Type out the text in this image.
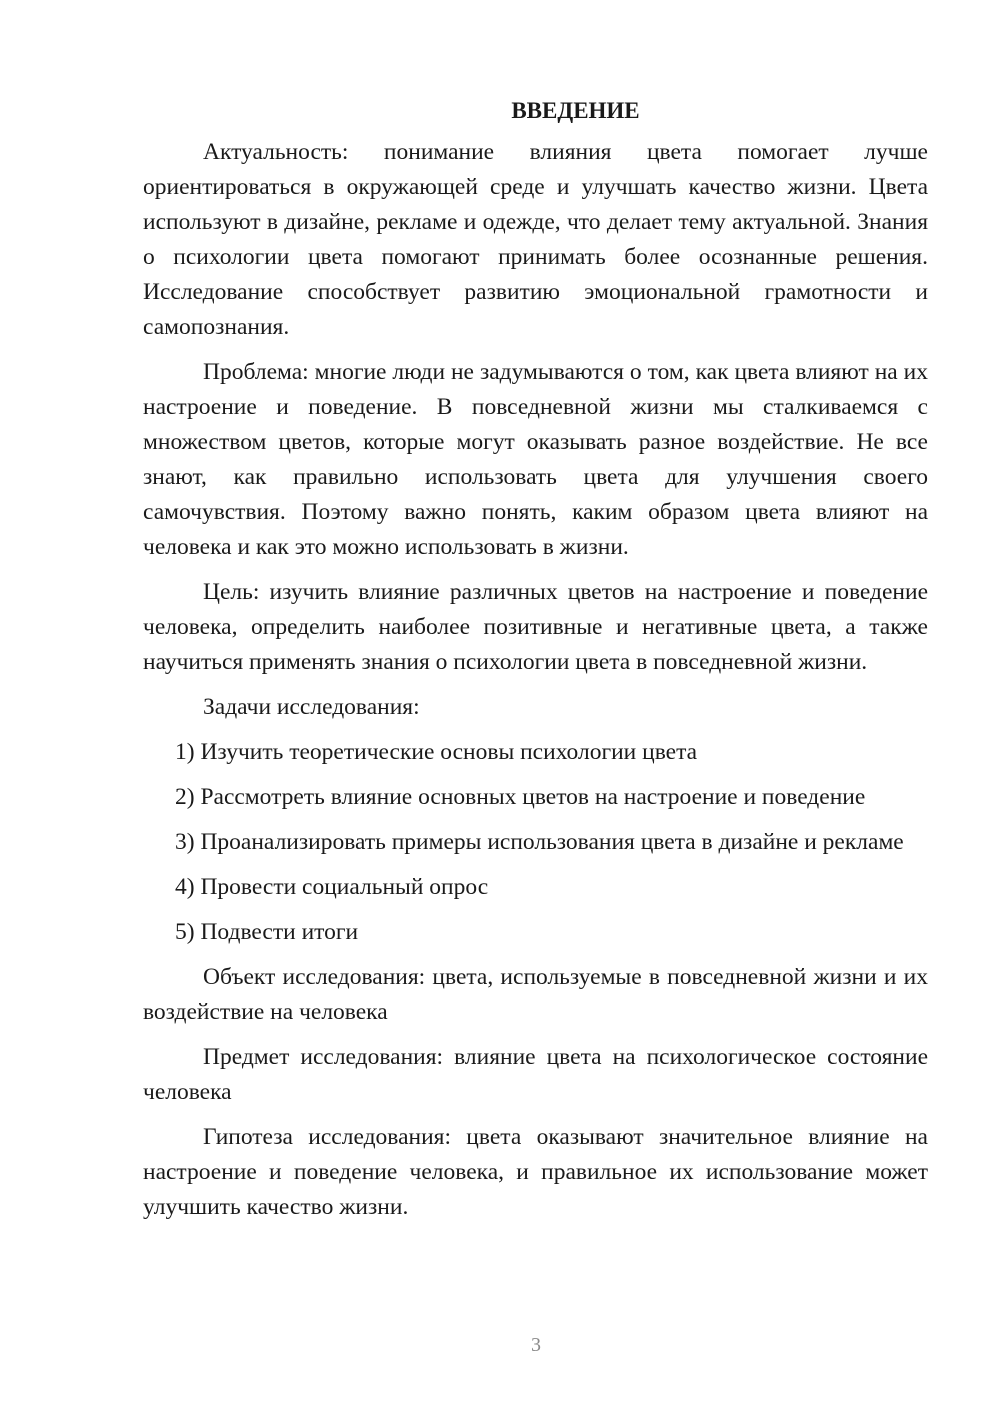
ВВЕДЕНИЕ

Актуальность: понимание влияния цвета помогает лучше ориентироваться в окружающей среде и улучшать качество жизни. Цвета используют в дизайне, рекламе и одежде, что делает тему актуальной. Знания о психологии цвета помогают принимать более осознанные решения. Исследование способствует развитию эмоциональной грамотности и самопознания.

Проблема: многие люди не задумываются о том, как цвета влияют на их настроение и поведение. В повседневной жизни мы сталкиваемся с множеством цветов, которые могут оказывать разное воздействие. Не все знают, как правильно использовать цвета для улучшения своего самочувствия. Поэтому важно понять, каким образом цвета влияют на человека и как это можно использовать в жизни.

Цель: изучить влияние различных цветов на настроение и поведение человека, определить наиболее позитивные и негативные цвета, а также научиться применять знания о психологии цвета в повседневной жизни.

Задачи исследования:

1) Изучить теоретические основы психологии цвета

2) Рассмотреть влияние основных цветов на настроение и поведение

3) Проанализировать примеры использования цвета в дизайне и рекламе

4) Провести социальный опрос

5) Подвести итоги

Объект исследования: цвета, используемые в повседневной жизни и их воздействие на человека

Предмет исследования: влияние цвета на психологическое состояние человека

Гипотеза исследования: цвета оказывают значительное влияние на настроение и поведение человека, и правильное их использование может улучшить качество жизни.

3
